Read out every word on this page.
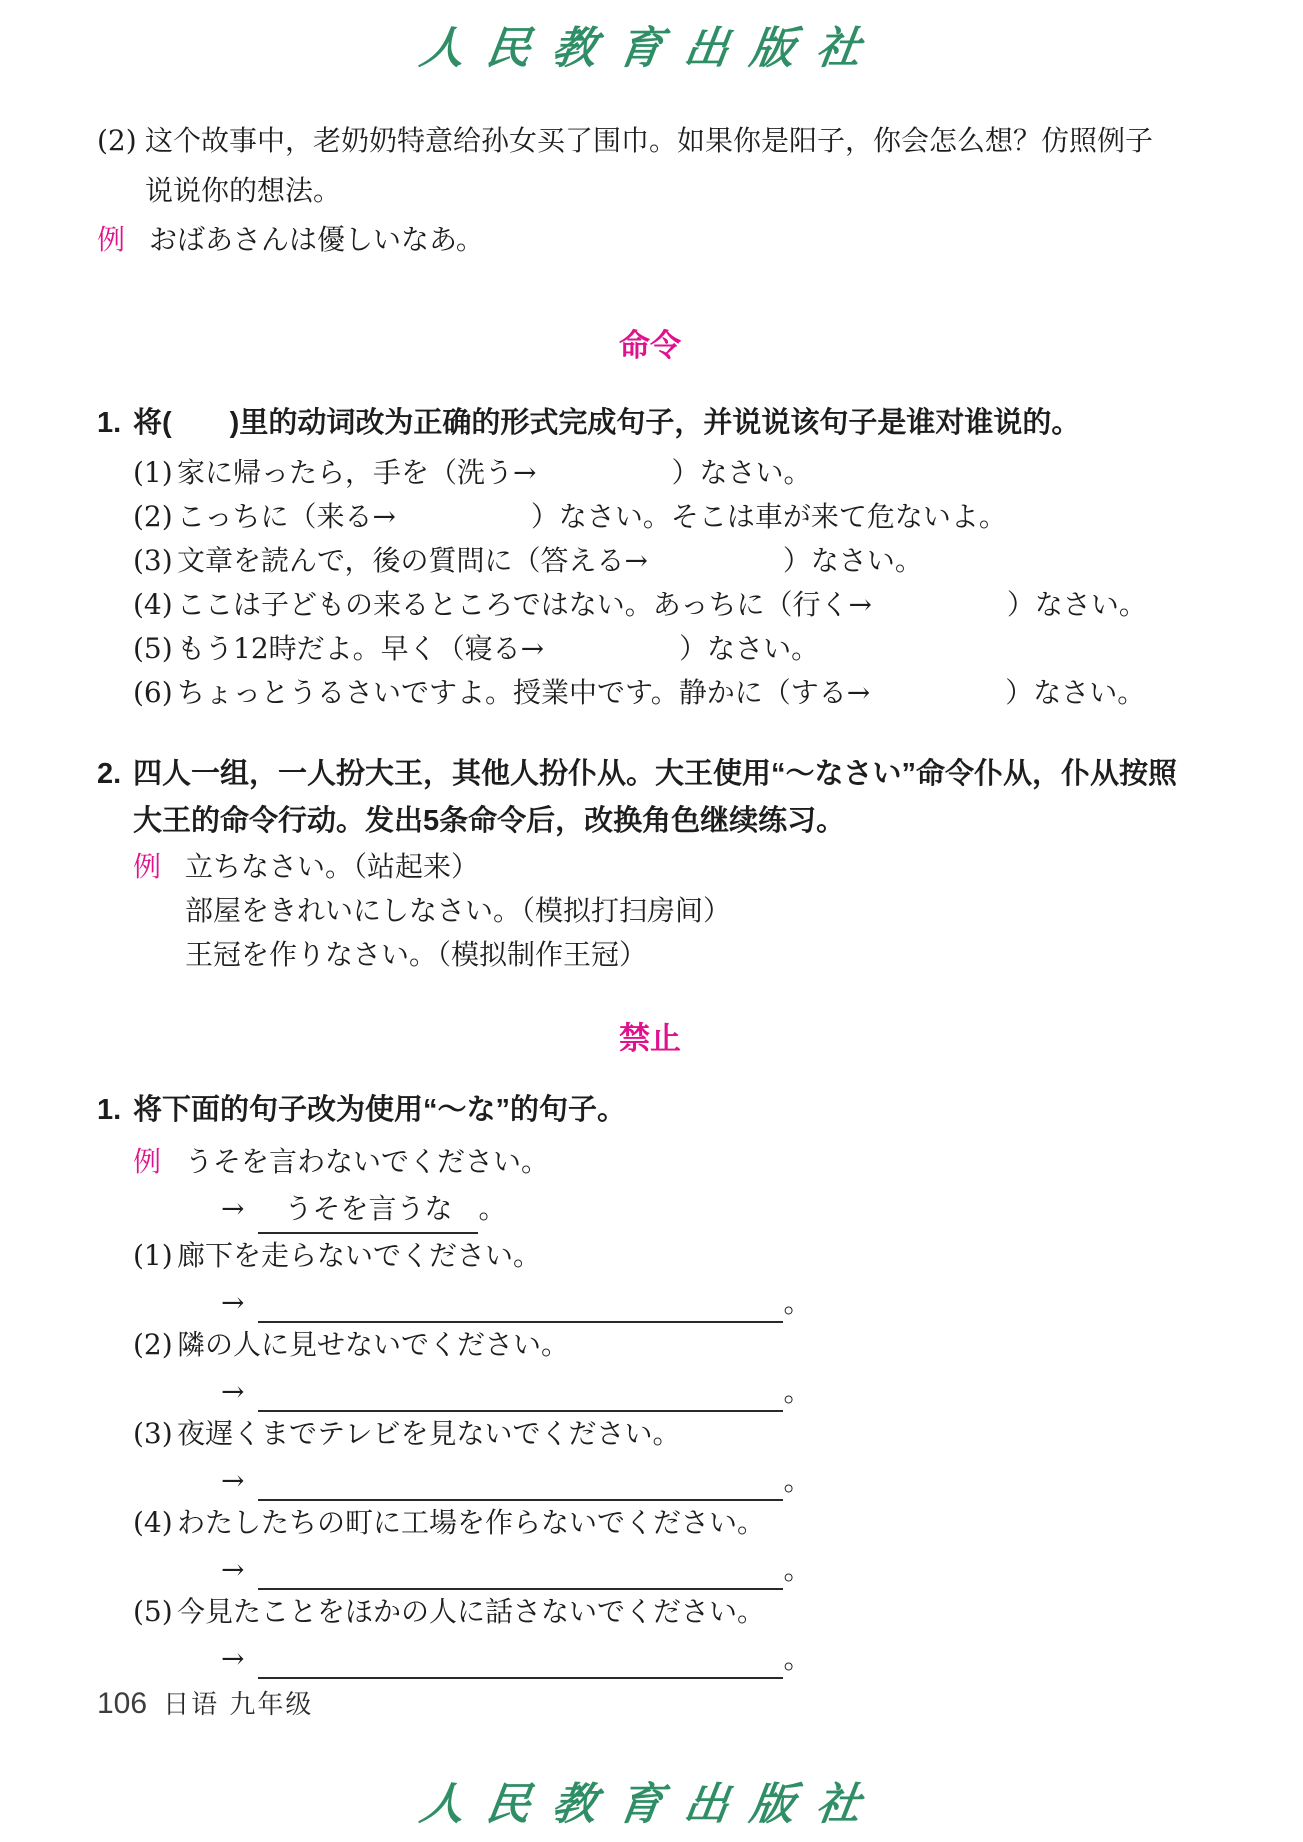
人民教育出版社
(2) 这个故事中，老奶奶特意给孙女买了围巾。如果你是阳子，你会怎么想？仿照例子
说说你的想法。
例 おばあさんは優しいなあ。
命令
1. 将(　　)里的动词改为正确的形式完成句子，并说说该句子是谁对谁说的。
(1) 家に帰ったら，手を（洗う→	）なさい。
(2) こっちに（来る→	）なさい。そこは車が来て危ないよ。
(3) 文章を読んで，後の質問に（答える→	）なさい。
(4) ここは子どもの来るところではない。あっちに（行く→	）なさい。
(5) もう12時だよ。早く（寝る→	）なさい。
(6) ちょっとうるさいですよ。授業中です。静かに（する→	）なさい。
2. 四人一组，一人扮大王，其他人扮仆从。大王使用“～なさい”命令仆从，仆从按照大王的命令行动。发出5条命令后，改换角色继续练习。
例 立ちなさい。（站起来）
部屋をきれいにしなさい。（模拟打扫房间）
王冠を作りなさい。（模拟制作王冠）
禁止
1. 将下面的句子改为使用“～な”的句子。
例 うそを言わないでください。
→	うそを言うな 。
(1) 廊下を走らないでください。
→	。
(2) 隣の人に見せないでください。
→	。
(3) 夜遅くまでテレビを見ないでください。
→	。
(4) わたしたちの町に工場を作らないでください。
→	。
(5) 今見たことをほかの人に話さないでください。
→	。
106 日语 九年级
人民教育出版社
